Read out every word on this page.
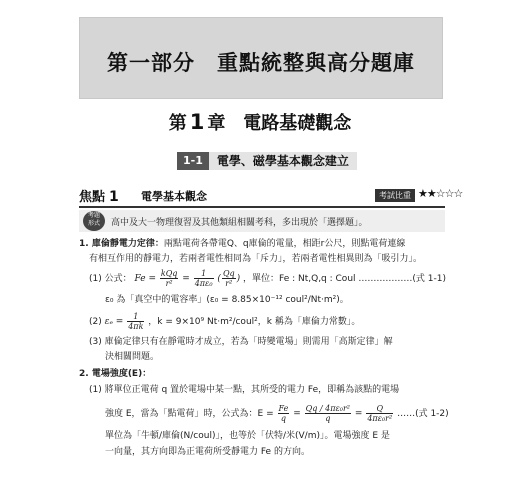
第一部分　重點統整與高分題庫
第 1 章　電路基礎觀念
1-1	電學、磁學基本觀念建立
焦點 1 電學基本觀念	考試比重 ★★☆☆☆
考題
形式	高中及大一物理復習及其他類組相關考科，多出現於「選擇題」。
1. 庫倫靜電力定律：兩點電荷各帶電Q、q庫倫的電量，相距r公尺，則點電荷連線
有相互作用的靜電力，若兩者電性相同為「斥力」，若兩者電性相異則為「吸引力」。
(1) 公式： $Fe = \frac{\text{kQq}}{\text{r²}} = \frac{1}{\text{4πε₀}}$ ( $\frac{Qq}{\text{r²}}$ ) ，單位：Fe : Nt,Q,q : Coul ………………(式 1-1)
ε₀ 為「真空中的電容率」(ε₀ = 8.85×10⁻¹² coul²/Nt·m²)。
(2) $\varepsilon_e = \frac{1}{4\pi k}$ ，k = 9×10⁹ Nt·m²/coul²，k 稱為「庫倫力常數」。
(3) 庫倫定律只有在靜電時才成立，若為「時變電場」則需用「高斯定律」解
決相關問題。
2. 電場強度(E)：
(1) 將單位正電荷 q 置於電場中某一點，其所受的電力 Fe，即稱為該點的電場
強度 E，當為「點電荷」時，公式為：$E = \frac{Fe}{q} = \frac{\text{Qq / 4πε₀r²}}{q} = \frac{Q}{\text{4πε₀r²}}$ ……(式 1-2)
單位為「牛頓/庫倫(N/coul)」，也等於「伏特/米(V/m)」。電場強度 E 是
一向量，其方向即為正電荷所受靜電力 Fe 的方向。
